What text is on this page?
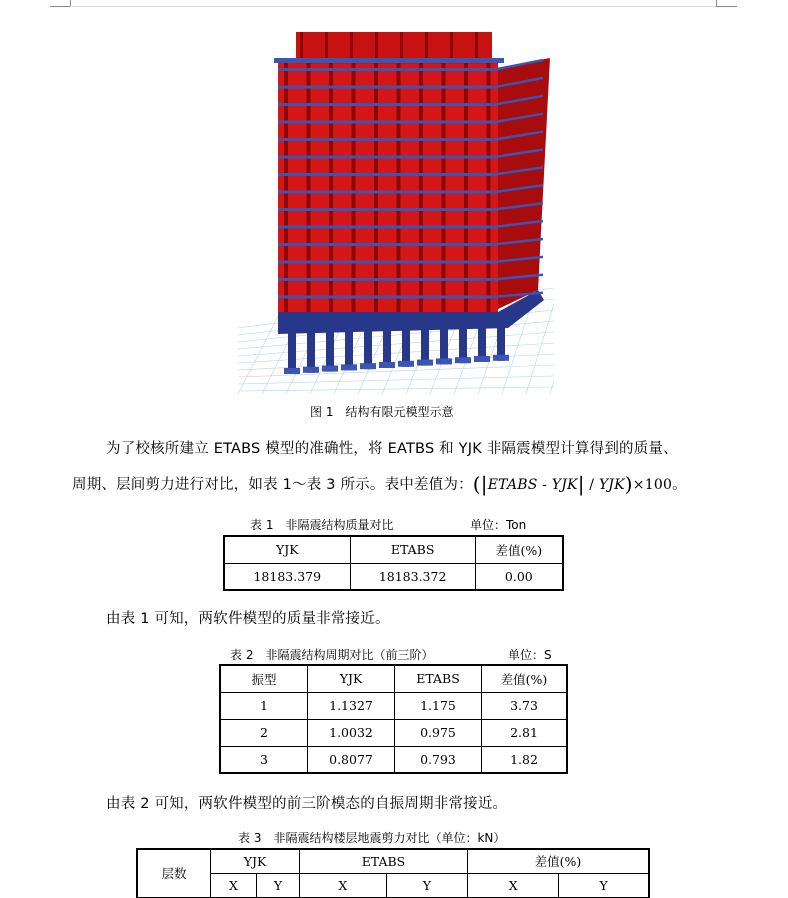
图 1　结构有限元模型示意
为了校核所建立 ETABS 模型的准确性，将 EATBS 和 YJK 非隔震模型计算得到的质量、
周期、层间剪力进行对比，如表 1～表 3 所示。表中差值为：(|ETABS - YJK| / YJK)×100。
表 1　非隔震结构质量对比	单位：Ton
YJK	ETABS	差值(%)
18183.379	18183.372	0.00
由表 1 可知，两软件模型的质量非常接近。
表 2　非隔震结构周期对比（前三阶）	单位：S
振型	YJK	ETABS	差值(%)
1	1.1327	1.175	3.73
2	1.0032	0.975	2.81
3	0.8077	0.793	1.82
由表 2 可知，两软件模型的前三阶模态的自振周期非常接近。
表 3　非隔震结构楼层地震剪力对比（单位：kN）
层数	YJK		ETABS		差值(%)	
	X	Y	X	Y	X	Y
